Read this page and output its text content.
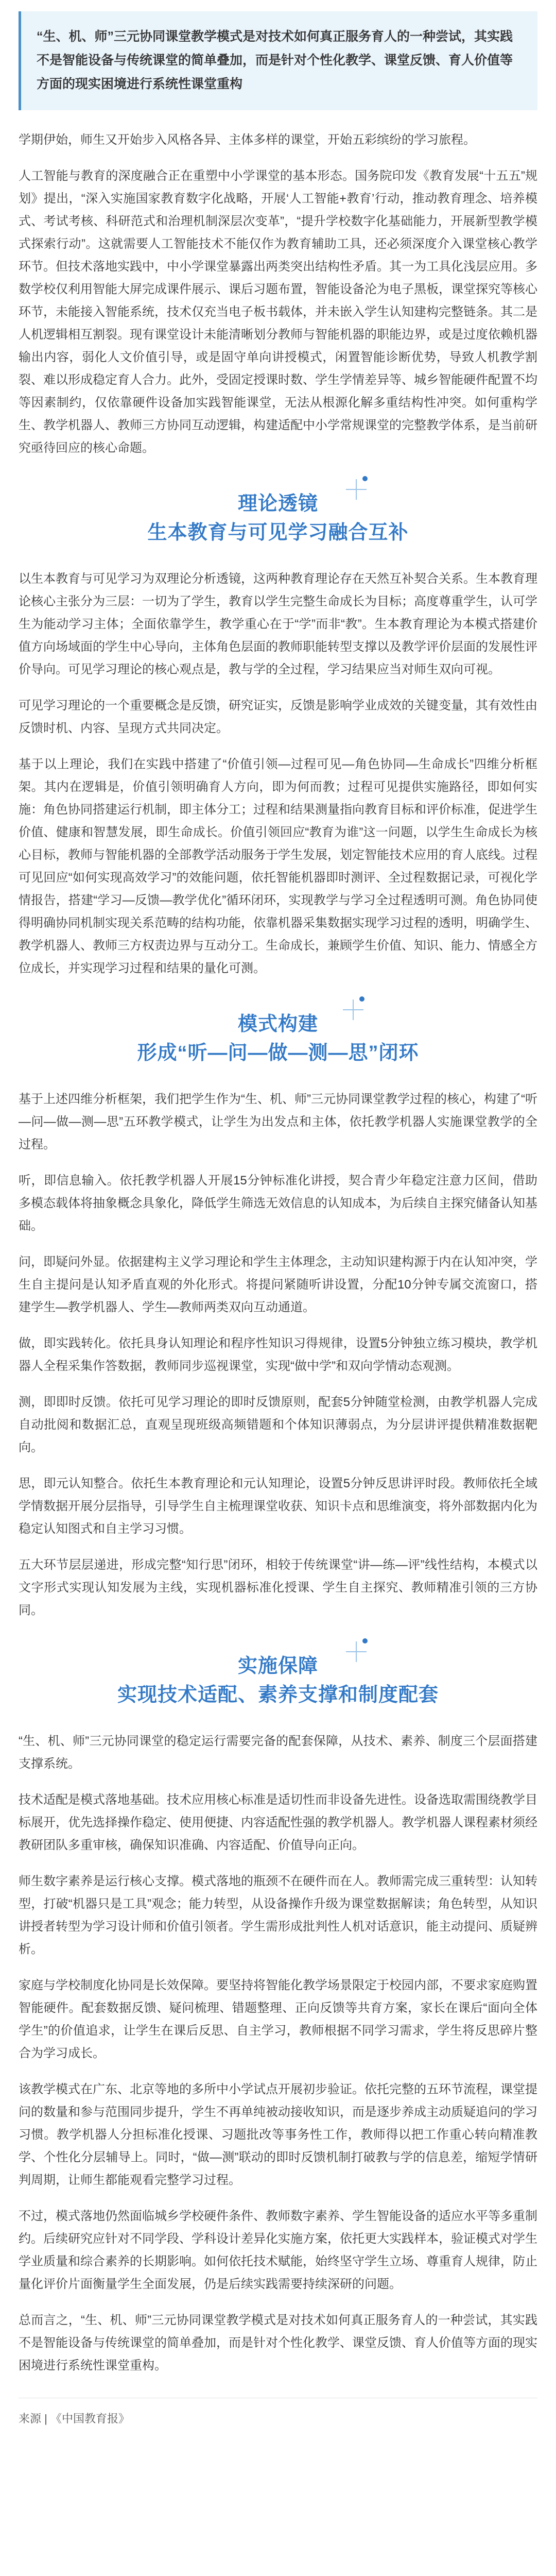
“生、机、师”三元协同课堂教学模式是对技术如何真正服务育人的一种尝试，其实践不是智能设备与传统课堂的简单叠加，而是针对个性化教学、课堂反馈、育人价值等方面的现实困境进行系统性课堂重构

学期伊始，师生又开始步入风格各异、主体多样的课堂，开始五彩缤纷的学习旅程。

人工智能与教育的深度融合正在重塑中小学课堂的基本形态。国务院印发《教育发展“十五五”规划》提出，“深入实施国家教育数字化战略，开展‘人工智能+教育’行动，推动教育理念、培养模式、考试考核、科研范式和治理机制深层次变革”，“提升学校数字化基础能力，开展新型教学模式探索行动”。这就需要人工智能技术不能仅作为教育辅助工具，还必须深度介入课堂核心教学环节。但技术落地实践中，中小学课堂暴露出两类突出结构性矛盾。其一为工具化浅层应用。多数学校仅利用智能大屏完成课件展示、课后习题布置，智能设备沦为电子黑板，课堂探究等核心环节，未能接入智能系统，技术仅充当电子板书载体，并未嵌入学生认知建构完整链条。其二是人机逻辑相互割裂。现有课堂设计未能清晰划分教师与智能机器的职能边界，或是过度依赖机器输出内容，弱化人文价值引导，或是固守单向讲授模式，闲置智能诊断优势，导致人机教学割裂、难以形成稳定育人合力。此外，受固定授课时数、学生学情差异等、城乡智能硬件配置不均等因素制约，仅依靠硬件设备加实践智能课堂，无法从根源化解多重结构性冲突。如何重构学生、教学机器人、教师三方协同互动逻辑，构建适配中小学常规课堂的完整教学体系，是当前研究亟待回应的核心命题。

理论透镜
生本教育与可见学习融合互补

以生本教育与可见学习为双理论分析透镜，这两种教育理论存在天然互补契合关系。生本教育理论核心主张分为三层：一切为了学生，教育以学生完整生命成长为目标；高度尊重学生，认可学生为能动学习主体；全面依靠学生，教学重心在于“学”而非“教”。生本教育理论为本模式搭建价值方向场域面的学生中心导向，主体角色层面的教师职能转型支撑以及教学评价层面的发展性评价导向。可见学习理论的核心观点是，教与学的全过程，学习结果应当对师生双向可视。

可见学习理论的一个重要概念是反馈，研究证实，反馈是影响学业成效的关键变量，其有效性由反馈时机、内容、呈现方式共同决定。

基于以上理论，我们在实践中搭建了“价值引领—过程可见—角色协同—生命成长”四维分析框架。其内在逻辑是，价值引领明确育人方向，即为何而教；过程可见提供实施路径，即如何实施：角色协同搭建运行机制，即主体分工；过程和结果测量指向教育目标和评价标准，促进学生价值、健康和智慧发展，即生命成长。价值引领回应“教育为谁”这一问题，以学生生命成长为核心目标，教师与智能机器的全部教学活动服务于学生发展，划定智能技术应用的育人底线。过程可见回应“如何实现高效学习”的效能问题，依托智能机器即时测评、全过程数据记录，可视化学情报告，搭建“学习—反馈—教学优化”循环闭环，实现教学与学习全过程透明可测。角色协同使得明确协同机制实现关系范畴的结构功能，依靠机器采集数据实现学习过程的透明，明确学生、教学机器人、教师三方权责边界与互动分工。生命成长，兼顾学生价值、知识、能力、情感全方位成长，并实现学习过程和结果的量化可测。

模式构建
形成“听—问—做—测—思”闭环

基于上述四维分析框架，我们把学生作为“生、机、师”三元协同课堂教学过程的核心，构建了“听—问—做—测—思”五环教学模式，让学生为出发点和主体，依托教学机器人实施课堂教学的全过程。

听，即信息输入。依托教学机器人开展15分钟标准化讲授，契合青少年稳定注意力区间，借助多模态载体将抽象概念具象化，降低学生筛选无效信息的认知成本，为后续自主探究储备认知基础。

问，即疑问外显。依据建构主义学习理论和学生主体理念，主动知识建构源于内在认知冲突，学生自主提问是认知矛盾直观的外化形式。将提问紧随听讲设置，分配10分钟专属交流窗口，搭建学生—教学机器人、学生—教师两类双向互动通道。

做，即实践转化。依托具身认知理论和程序性知识习得规律，设置5分钟独立练习模块，教学机器人全程采集作答数据，教师同步巡视课堂，实现“做中学”和双向学情动态观测。

测，即即时反馈。依托可见学习理论的即时反馈原则，配套5分钟随堂检测，由教学机器人完成自动批阅和数据汇总，直观呈现班级高频错题和个体知识薄弱点，为分层讲评提供精准数据靶向。

思，即元认知整合。依托生本教育理论和元认知理论，设置5分钟反思讲评时段。教师依托全域学情数据开展分层指导，引导学生自主梳理课堂收获、知识卡点和思维演变，将外部数据内化为稳定认知图式和自主学习习惯。

五大环节层层递进，形成完整“知行思”闭环，相较于传统课堂“讲—练—评”线性结构，本模式以文字形式实现认知发展为主线，实现机器标准化授课、学生自主探究、教师精准引领的三方协同。

实施保障
实现技术适配、素养支撑和制度配套

“生、机、师”三元协同课堂的稳定运行需要完备的配套保障，从技术、素养、制度三个层面搭建支撑系统。

技术适配是模式落地基础。技术应用核心标准是适切性而非设备先进性。设备选取需围绕教学目标展开，优先选择操作稳定、使用便捷、内容适配性强的教学机器人。教学机器人课程素材须经教研团队多重审核，确保知识准确、内容适配、价值导向正向。

师生数字素养是运行核心支撑。模式落地的瓶颈不在硬件而在人。教师需完成三重转型：认知转型，打破“机器只是工具”观念；能力转型，从设备操作升级为课堂数据解读；角色转型，从知识讲授者转型为学习设计师和价值引领者。学生需形成批判性人机对话意识，能主动提问、质疑辨析。

家庭与学校制度化协同是长效保障。要坚持将智能化教学场景限定于校园内部，不要求家庭购置智能硬件。配套数据反馈、疑问梳理、错题整理、正向反馈等共育方案，家长在课后“面向全体学生”的价值追求，让学生在课后反思、自主学习，教师根据不同学习需求，学生将反思碎片整合为学习成长。

该教学模式在广东、北京等地的多所中小学试点开展初步验证。依托完整的五环节流程，课堂提问的数量和参与范围同步提升，学生不再单纯被动接收知识，而是逐步养成主动质疑追问的学习习惯。教学机器人分担标准化授课、习题批改等事务性工作，教师得以把工作重心转向精准教学、个性化分层辅导上。同时，“做—测”联动的即时反馈机制打破教与学的信息差，缩短学情研判周期，让师生都能观看完整学习过程。

不过，模式落地仍然面临城乡学校硬件条件、教师数字素养、学生智能设备的适应水平等多重制约。后续研究应针对不同学段、学科设计差异化实施方案，依托更大实践样本，验证模式对学生学业质量和综合素养的长期影响。如何依托技术赋能，始终坚守学生立场、尊重育人规律，防止量化评价片面衡量学生全面发展，仍是后续实践需要持续深研的问题。

总而言之，“生、机、师”三元协同课堂教学模式是对技术如何真正服务育人的一种尝试，其实践不是智能设备与传统课堂的简单叠加，而是针对个性化教学、课堂反馈、育人价值等方面的现实困境进行系统性课堂重构。

来源 | 《中国教育报》
